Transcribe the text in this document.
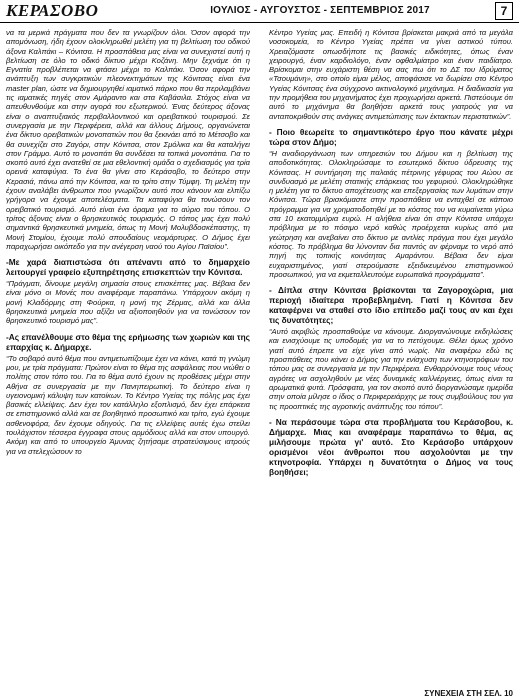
ΚΕΡΑΣΟΒΟ	ΙΟΥΛΙΟΣ - ΑΥΓΟΥΣΤΟΣ - ΣΕΠΤΕΜΒΡΙΟΣ 2017	7

να τα μερικά πράγματα που δεν τα γνωρίζουν όλοι. Όσον αφορά την απομόνωση, ήδη έχουν ολοκληρωθεί μελέτη για τη βελτίωση του οδικού άξονα Καλπάκι – Κόνιτσα. Η προσπάθεια μας είναι να συνεχιστεί αυτή η βελτίωση σε όλο το οδικό δίκτυο μέχρι Κοζάνη. Μην ξεχνάμε ότι η Εγνατία προβλέπεται να φτάσει μέχρι το Καλπάκι. Όσον αφορά την ανάπτυξη των συγκριτικών πλεονεκτημάτων της Κόνιτσας είναι ένα master plan, ώστε να δημιουργηθεί ιαματικό πάρκο που θα περιλαμβάνει τις ιαματικές πηγές στον Αμάραντο και στα Καβάσιλα. Στόχος είναι να απευθυνθούμε και στην αγορά του εξωτερικού. Ένας δεύτερος άξονας είναι ο αναπτυξιακός περιβαλλοντικού και ορειβατικού τουρισμού. Σε συνεργασία με την Περιφέρεια, αλλά και άλλους Δήμους, οργανώνεται ένα δίκτυο ορειβατικών μονοπατιών που θα ξεκινάει από το Μέτσοβο και θα συνεχίζει στο Ζαγόρι, στην Κόνιτσα, στον Σμόλικα και θα καταλήγει στον Γράμμο. Αυτό το μονοπάτι θα συνδέσει τα τοπικά μονοπάτια. Για το σκοπό αυτό έχει ανατεθεί σε μια εθελοντική ομάδα ο σχεδιασμός για τρία ορεινά καταφύγια. Το ένα θα γίνει στο Κεράσοβο, το δεύτερο στην Κερασιά, πάνω από την Κόνιτσα, και το τρίτο στην Τύμφη. Τη μελέτη την έχουν αναλάβει άνθρωποι που γνωρίζουν αυτό που κάνουν και ελπίζω γρήγορα να έχουμε αποτελέσματα. Τα καταφύγια θα τονώσουν τον ορειβατικό τουρισμό. Αυτό είναι ένα όραμα για το αύριο του τόπου. Ο τρίτος άξονας είναι ο θρησκευτικός τουρισμός. Ο τόπος μας έχει πολύ σημαντικά θρησκευτικά μνημεία, όπως τη Μονή Μολυβδοσκέπαστης, τη Μονή Στομίου, έχουμε πολύ σπουδαίους νεομάρτυρες. Ο Δήμος έχει παραχωρήσει οικόπεδο για την ανέγερση ναού του Αγίου Παϊσίου”.

-Με χαρά διαπιστώσα ότι απέναντι από το δημαρχείο λειτουργεί γραφείο εξυπηρέτησης επισκεπτών την Κόνιτσα.

“Πράγματι, δίνουμε μεγάλη σημασία στους επισκέπτες μας. Βέβαια δεν είναι μόνο οι Μονές που αναφέραμε παραπάνω. Υπάρχουν ακόμη η μονή Κλαδόρμης στη Φούρκα, η μονή της Ζέρμας, αλλά και άλλα θρησκευτικά μνημεία που αξίζει να αξιοποιηθούν για να τονώσουν τον θρησκευτικό τουρισμό μας”.

-Ας επανέλθουμε στο θέμα της ερήμωσης των χωριών και της επαρχίας κ. Δήμαρχε.

“Το σοβαρό αυτό θέμα που αντιμετωπίζουμε έχει να κάνει, κατά τη γνώμη μου, με τρία πράγματα: Πρώτον είναι το θέμα της ασφάλειας που νιώθει ο πολίτης στον τόπο του. Για το θέμα αυτό έχουν τις προθέσεις μέχρι στην Αθήνα σε συνεργασία με την Πανηπειρωτική. Το δεύτερο είναι η υγειονομική κάλυψη των κατοίκων. Το Κέντρο Υγείας της πόλης μας έχει βασικές ελλείψεις. Δεν έχει τον κατάλληλο εξοπλισμό, δεν έχει επάρκεια σε επιστημονικό αλλά και σε βοηθητικό προσωπικό και τρίτο, εγώ έχουμε ασθενοφόρα, δεν έχουμε οδηγούς. Για τις ελλείψεις αυτές έχω στείλει τουλάχιστον τέσσερα έγγραφα στους αρμόδιους αλλά και στον υπουργό. Ακόμη και από το υπουργείο Άμυνας ζητήσαμε στρατεύσιμους ιατρούς για να στελεχώσουν το

Κέντρο Υγείας μας. Επειδή η Κόνιτσα βρίσκεται μακριά από τα μεγάλα νοσοκομεία, το Κέντρο Υγείας πρέπει να γίνει αστικού τύπου. Χρειαζόμαστε οπωσδήποτε τις βασικές ειδικότητες, όπως έναν χειρουργό, έναν καρδιολόγο, έναν οφθαλμίατρο και έναν παιδίατρο. Βρίσκομαι στην ευχάριστη θέση να σας πω ότι το ΔΣ του Ιδρύματος «Τσουμάνη», στο οποίο είμαι μέλος, αποφάσισε να δωρίσει στο Κέντρο Υγείας Κόνιτσας ένα σύγχρονο ακτινολογικό μηχάνημα. Η διαδικασία για την προμήθεια του μηχανήματος έχει προχωρήσει αρκετά. Πιστεύουμε ότι αυτό το μηχάνημα θα βοηθήσει αρκετά τους γιατρούς για να ανταποκριθούν στις ανάγκες αντιμετώπισης των έκτακτων περιστατικών”.

- Ποιο θεωρείτε το σημαντικότερο έργο που κάνατε μέχρι τώρα στον Δήμο;

“Η αναδιοργάνωση των υπηρεσιών του Δήμου και η βελτίωση της αποδοτικότητας. Ολοκληρώσαμε το εσωτερικό δίκτυο ύδρευσης της Κόνιτσας. Η συντήρηση της παλαιάς πέτρινης γέφυρας του Αώου σε συνδυασμό με μελέτη στατικής επάρκειας του γεφυριού. Ολοκληρώθηκε η μελέτη για το δίκτυο αποχέτευσης και επεξεργασίας των λυμάτων στην Κόνιτσα. Τώρα βρισκόμαστε στην προσπάθεια να ενταχθεί σε κάποιο πρόγραμμα για να χρηματοδοτηθεί με το κόστος του να κυμαίνεται γύρω στα 10 εκατομμύρια ευρώ. Η αλήθεια είναι ότι στην Κόνιτσα υπάρχει πρόβλημα με το πόσιμο νερό καθώς προέρχεται κυρίως από μια γεώτρηση και ανεβαίνει στο δίκτυο με αντλίες πράγμα που έχει μεγάλο κόστος. Το πρόβλημα θα λύνονταν δια παντός αν φέρναμε το νερό από πηγή της τοπικής κοινότητας Αμαράντου. Βέβαια δεν είμαι ευχαριστημένος, γιατί στερούμαστε εξειδικευμένου επιστημονικού προσωπικού, για να εκμεταλλευτούμε ευρωπαϊκά προγράμματα”.

- Δίπλα στην Κόνιτσα βρίσκονται τα Ζαγοροχώρια, μια περιοχή ιδιαίτερα προβεβλημένη. Γιατί η Κόνιτσα δεν καταφέρνει να σταθεί στο ίδιο επίπεδο μαζί τους αν και έχει τις δυνατότητες;

“Αυτό ακριβώς προσπαθούμε να κάνουμε. Διοργανώνουμε εκδηλώσεις και ενισχύουμε τις υποδομές για να το πετύχουμε. Θέλει όμως χρόνο γιατί αυτό έπρεπε να είχε γίνει από νωρίς. Να αναφέρω εδώ τις προσπάθειες που κάνει ο Δήμος για την ενίσχυση των κτηνοτρόφων του τόπου μας σε συνεργασία με την Περιφέρεια. Ενθαρρύνουμε τους νέους αγρότες να ασχοληθούν με νέες δυναμικές καλλιέργειες, όπως είναι τα αρωματικά φυτά. Πρόσφατα, για τον σκοπό αυτό διοργανώσαμε ημερίδα στην οποία μίλησε ο ίδιος ο Περιφερειάρχης με τους συμβούλους του για τις προοπτικές της αγροτικής ανάπτυξης του τόπου”.

- Να περάσουμε τώρα στα προβλήματα του Κεράσοβου, κ. Δήμαρχε. Μιας και αναφέραμε παραπάνω το θέμα, ας μιλήσουμε πρώτα γι' αυτό. Στο Κεράσοβο υπάρχουν ορισμένοι νέοι άνθρωποι που ασχολούνται με την κτηνοτροφία. Υπάρχει η δυνατότητα ο Δήμος να τους βοηθήσει;

ΣΥΝΕΧΕΙΑ ΣΤΗ ΣΕΛ. 10
